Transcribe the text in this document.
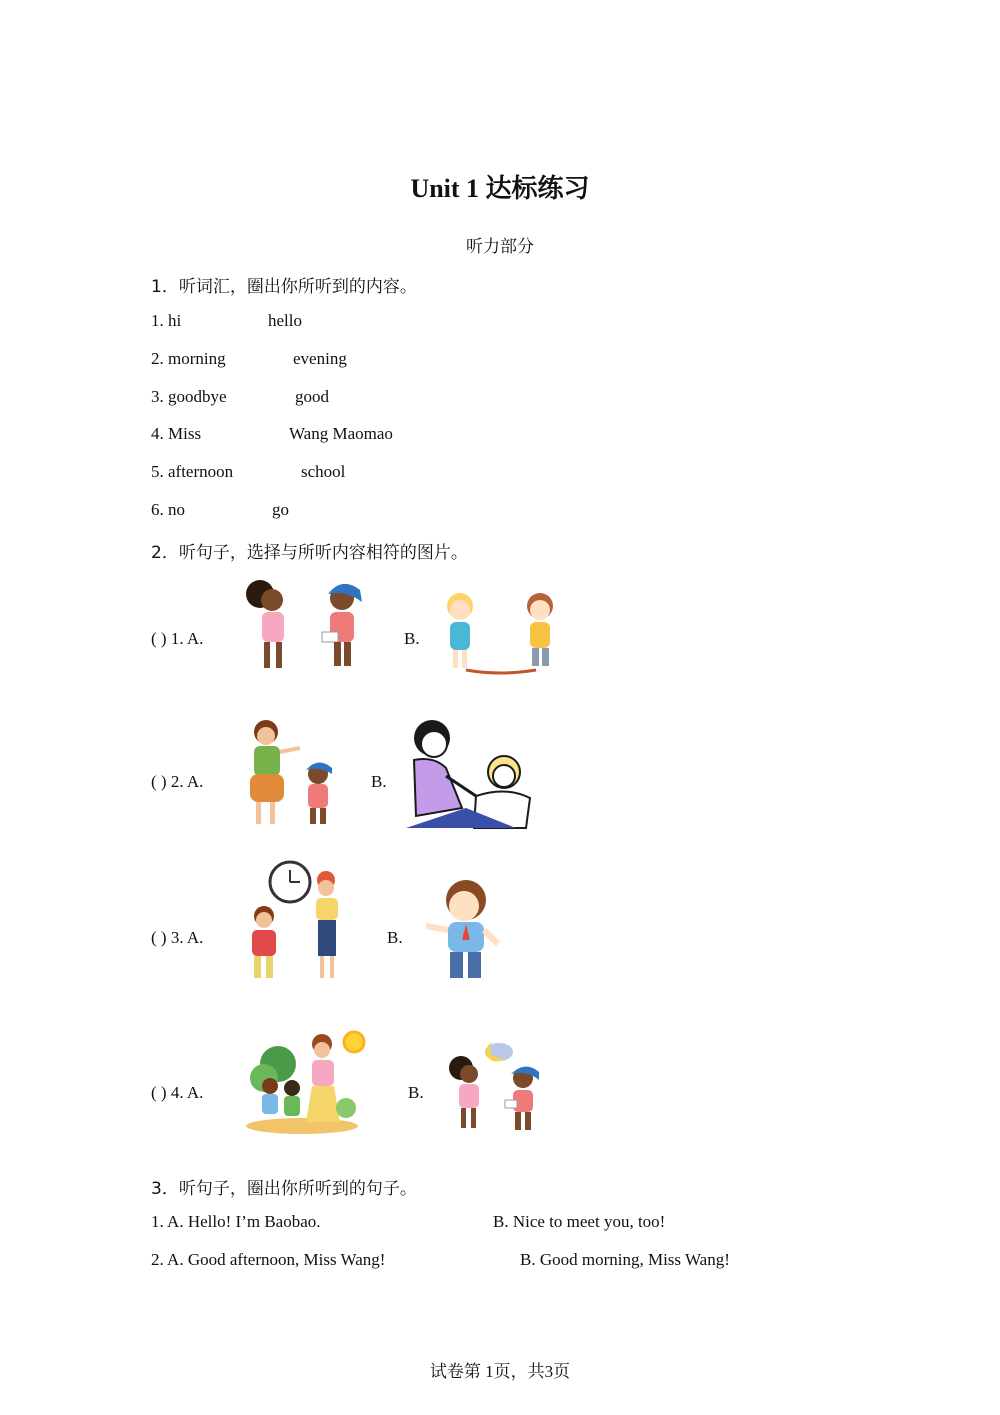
Unit 1 达标练习
听力部分
1．听词汇，圈出你所听到的内容。
1. hi	hello
2. morning	evening
3. goodbye	good
4. Miss	Wang Maomao
5. afternoon	school
6. no	go
2．听句子，选择与所听内容相符的图片。
( ) 1. A.	B.
( ) 2. A.	B.
( ) 3. A.	B.
( ) 4. A.	B.
3．听句子，圈出你所听到的句子。
1. A. Hello! I’m Baobao.	B. Nice to meet you, too!
2. A. Good afternoon, Miss Wang!	B. Good morning, Miss Wang!
试卷第 1页，共3页
